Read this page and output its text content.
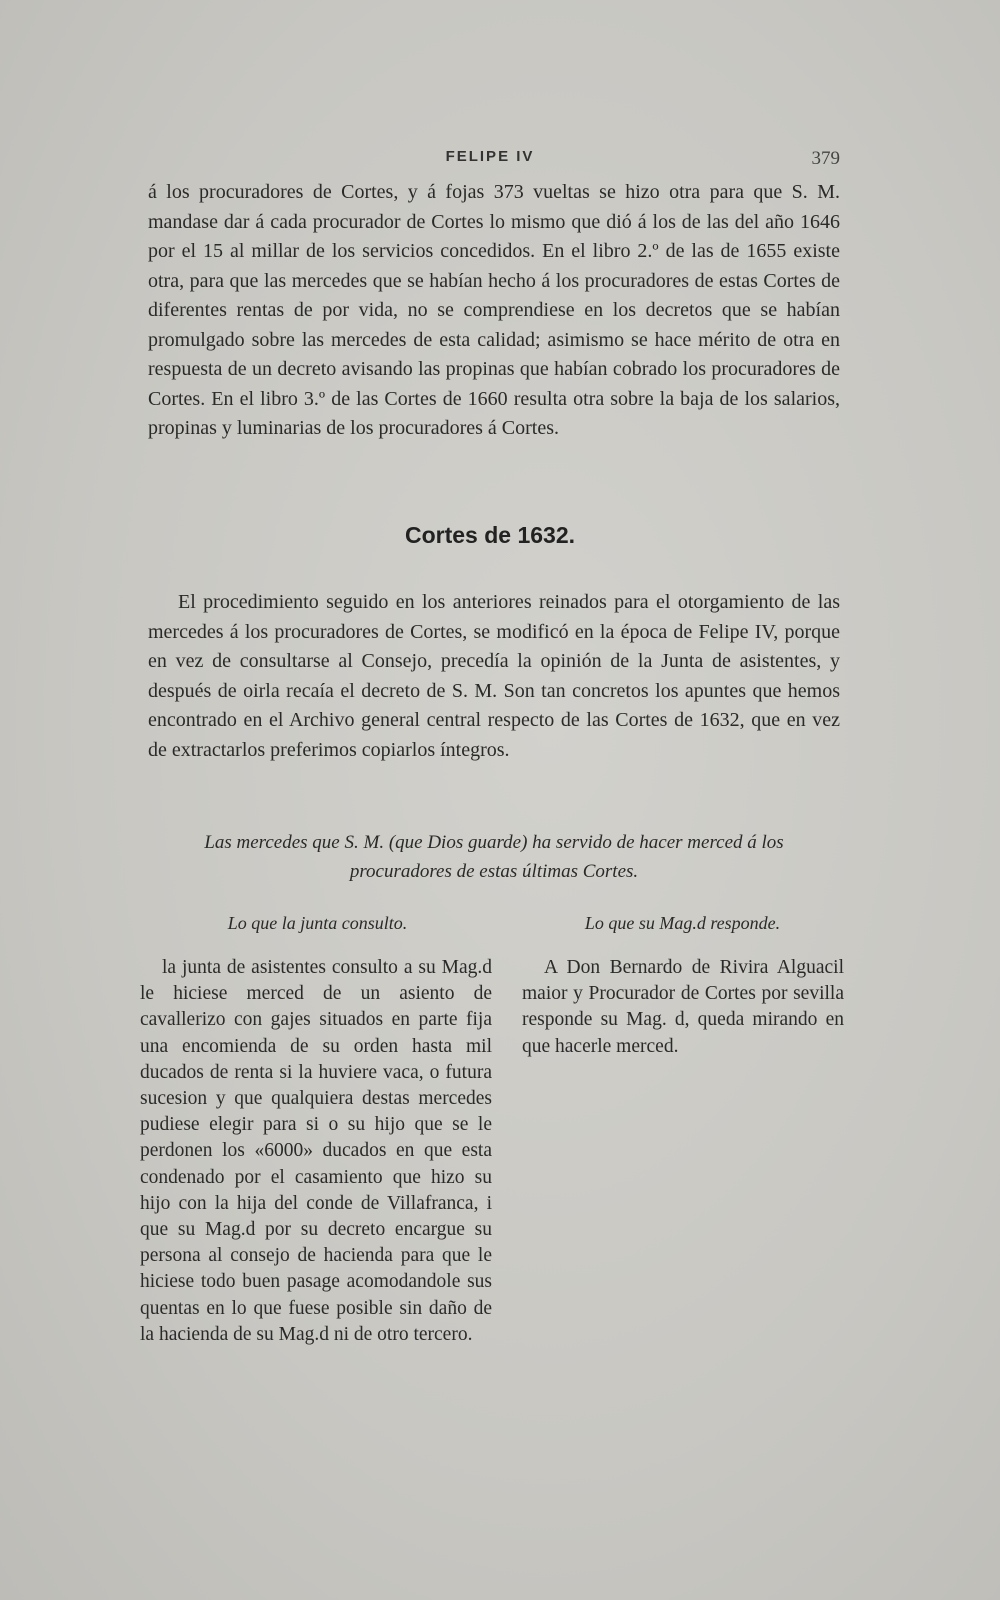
FELIPE IV	379

á los procuradores de Cortes, y á fojas 373 vueltas se hizo otra para que S. M. mandase dar á cada procurador de Cortes lo mismo que dió á los de las del año 1646 por el 15 al millar de los servicios concedidos. En el libro 2.º de las de 1655 existe otra, para que las mercedes que se habían hecho á los procuradores de estas Cortes de diferentes rentas de por vida, no se comprendiese en los decretos que se habían promulgado sobre las mercedes de esta calidad; asimismo se hace mérito de otra en respuesta de un decreto avisando las propinas que habían cobrado los procuradores de Cortes. En el libro 3.º de las Cortes de 1660 resulta otra sobre la baja de los salarios, propinas y luminarias de los procuradores á Cortes.

Cortes de 1632.

El procedimiento seguido en los anteriores reinados para el otorgamiento de las mercedes á los procuradores de Cortes, se modificó en la época de Felipe IV, porque en vez de consultarse al Consejo, precedía la opinión de la Junta de asistentes, y después de oirla recaía el decreto de S. M. Son tan concretos los apuntes que hemos encontrado en el Archivo general central respecto de las Cortes de 1632, que en vez de extractarlos preferimos copiarlos íntegros.

Las mercedes que S. M. (que Dios guarde) ha servido de hacer merced á los
procuradores de estas últimas Cortes.
Lo que la junta consulto.	Lo que su Mag.d responde.

la junta de asistentes consulto a su Mag.d le hiciese merced de un asiento de cavallerizo con gajes situados en parte fija una encomienda de su orden hasta mil ducados de renta si la huviere vaca, o futura sucesion y que qualquiera destas mercedes pudiese elegir para si o su hijo que se le perdonen los «6000» ducados en que esta condenado por el casamiento que hizo su hijo con la hija del conde de Villafranca, i que su Mag.d por su decreto encargue su persona al consejo de hacienda para que le hiciese todo buen pasage acomodandole sus quentas en lo que fuese posible sin daño de la hacienda de su Mag.d ni de otro tercero.

A Don Bernardo de Rivira Alguacil maior y Procurador de Cortes por sevilla responde su Mag. d, queda mirando en que hacerle merced.
